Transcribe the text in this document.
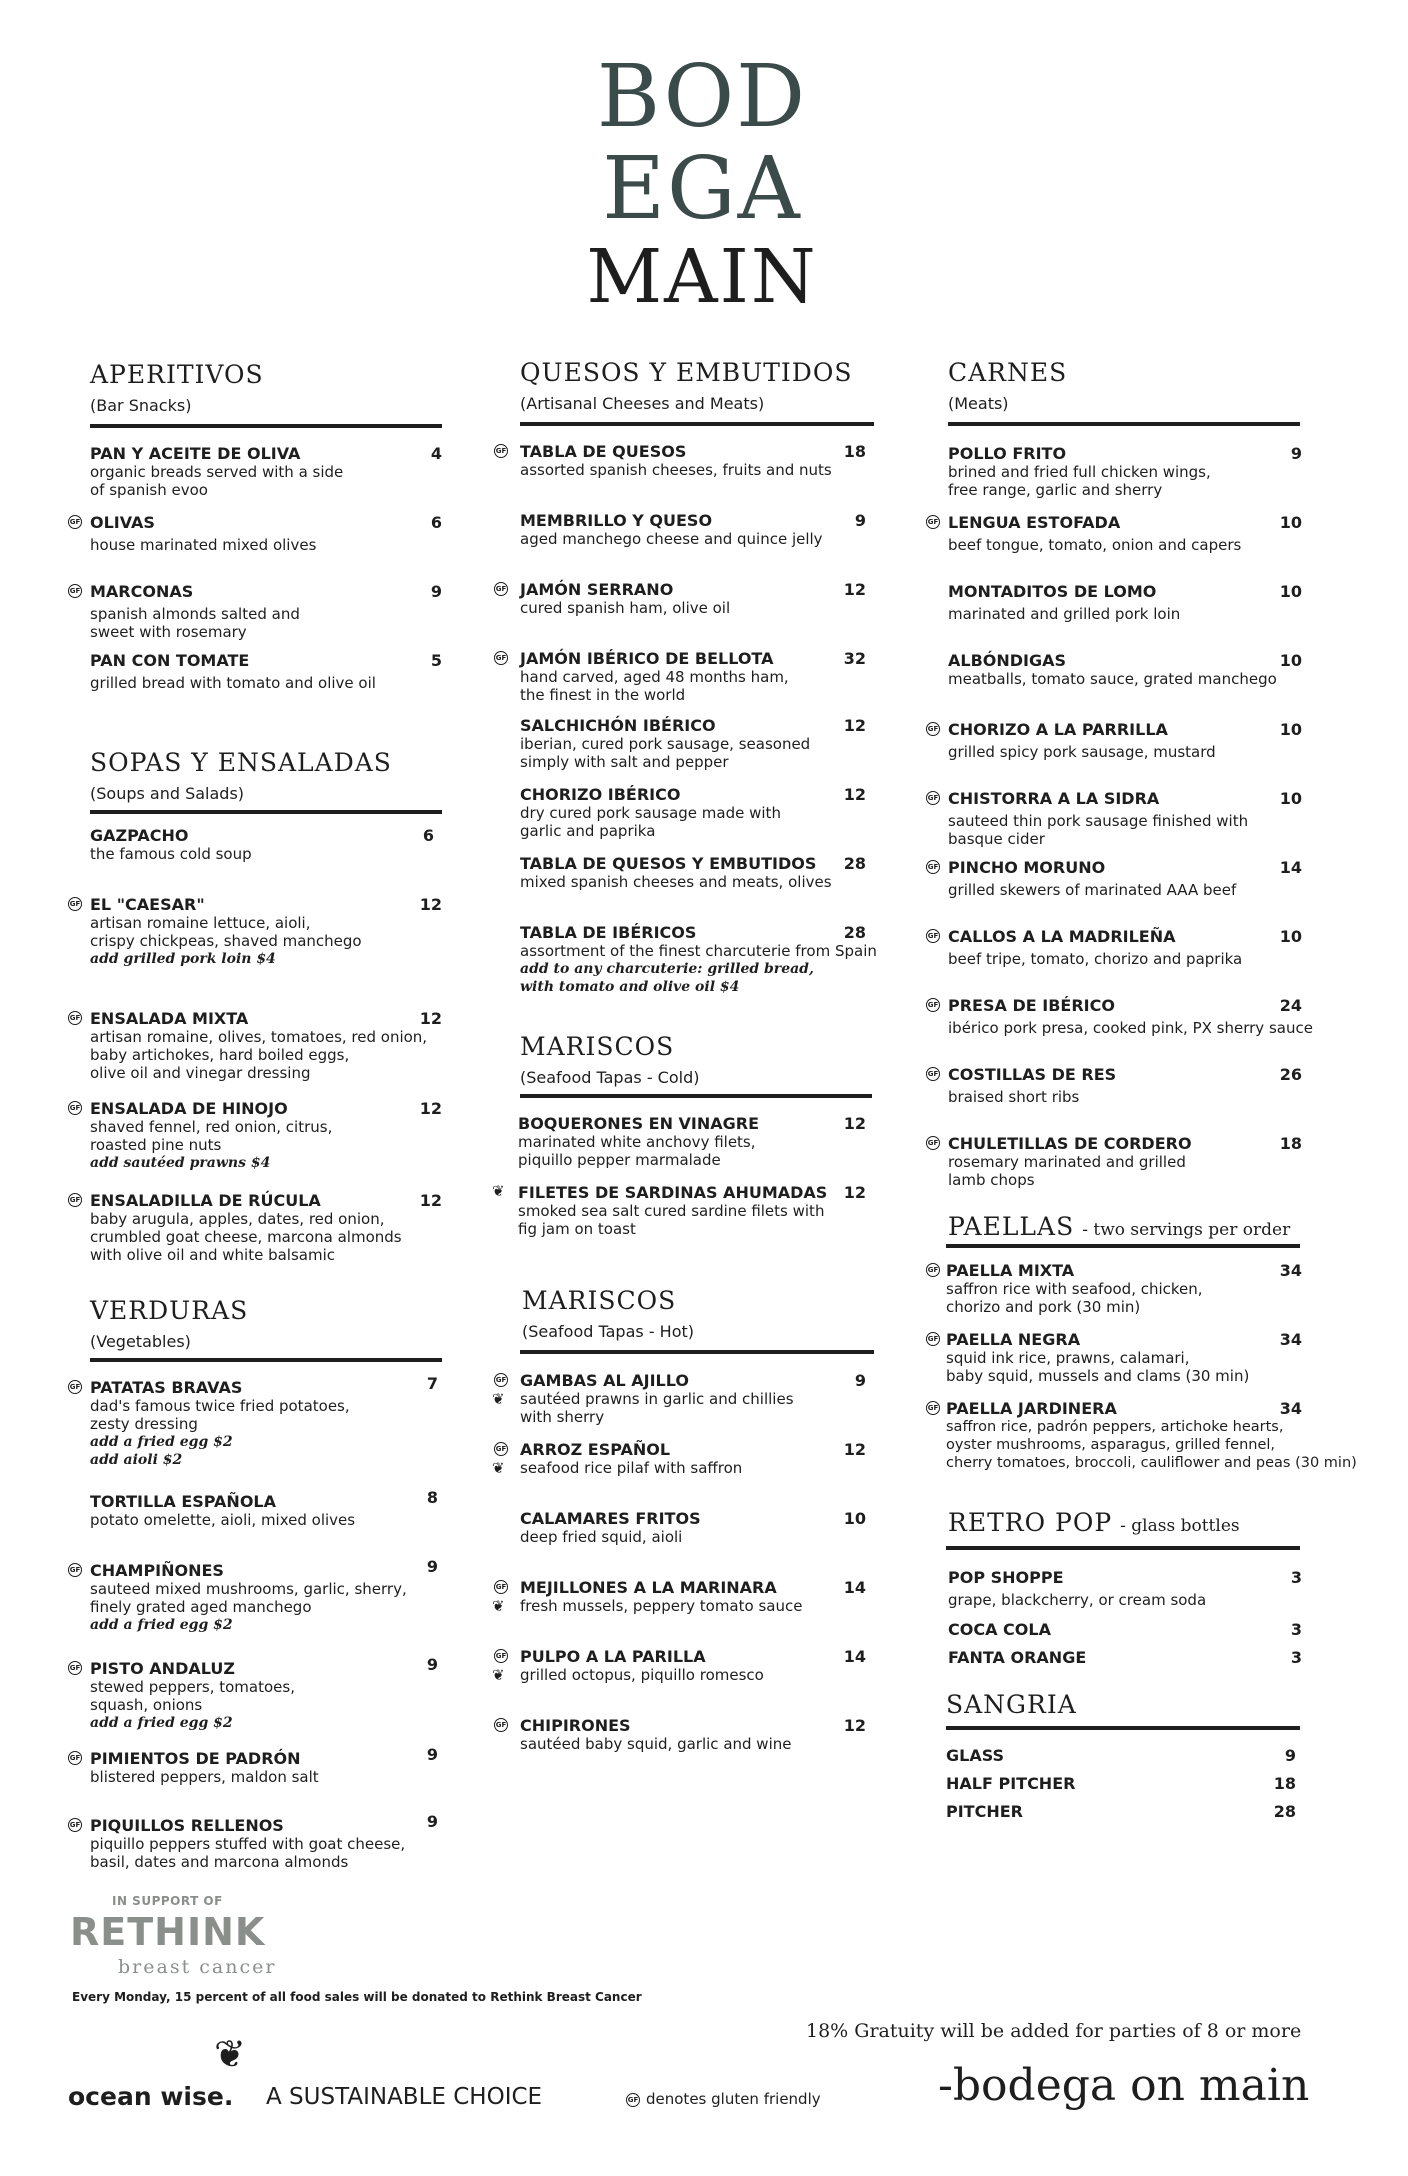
BOD
EGA
MAIN
APERITIVOS
(Bar Snacks)
PAN Y ACEITE DE OLIVA
organic breads served with a side
of spanish evoo
4
GF OLIVAS
house marinated mixed olives
6
GF MARCONAS
spanish almonds salted and
sweet with rosemary
9
PAN CON TOMATE
grilled bread with tomato and olive oil
5
SOPAS Y ENSALADAS
(Soups and Salads)
GAZPACHO
the famous cold soup
6
GF EL "CAESAR"
artisan romaine lettuce, aioli,
crispy chickpeas, shaved manchego
add grilled pork loin $4
12
GF ENSALADA MIXTA
artisan romaine, olives, tomatoes, red onion,
baby artichokes, hard boiled eggs,
olive oil and vinegar dressing
12
GF ENSALADA DE HINOJO
shaved fennel, red onion, citrus,
roasted pine nuts
add sautéed prawns $4
12
GF ENSALADILLA DE RÚCULA
baby arugula, apples, dates, red onion,
crumbled goat cheese, marcona almonds
with olive oil and white balsamic
12
VERDURAS
(Vegetables)
GF PATATAS BRAVAS
dad's famous twice fried potatoes,
zesty dressing
add a fried egg $2
add aioli $2
7
TORTILLA ESPAÑOLA
potato omelette, aioli, mixed olives
8
GF CHAMPIÑONES
sauteed mixed mushrooms, garlic, sherry,
finely grated aged manchego
add a fried egg $2
9
GF PISTO ANDALUZ
stewed peppers, tomatoes,
squash, onions
add a fried egg $2
9
GF PIMIENTOS DE PADRÓN
blistered peppers, maldon salt
9
GF PIQUILLOS RELLENOS
piquillo peppers stuffed with goat cheese,
basil, dates and marcona almonds
9
QUESOS Y EMBUTIDOS
(Artisanal Cheeses and Meats)
GF TABLA DE QUESOS
assorted spanish cheeses, fruits and nuts
18
MEMBRILLO Y QUESO
aged manchego cheese and quince jelly
9
GF JAMÓN SERRANO
cured spanish ham, olive oil
12
GF JAMÓN IBÉRICO DE BELLOTA
hand carved, aged 48 months ham,
the finest in the world
32
SALCHICHÓN IBÉRICO
iberian, cured pork sausage, seasoned
simply with salt and pepper
12
CHORIZO IBÉRICO
dry cured pork sausage made with
garlic and paprika
12
TABLA DE QUESOS Y EMBUTIDOS
mixed spanish cheeses and meats, olives
28
TABLA DE IBÉRICOS
assortment of the finest charcuterie from Spain
add to any charcuterie: grilled bread,
with tomato and olive oil $4
28
MARISCOS
(Seafood Tapas - Cold)
BOQUERONES EN VINAGRE
marinated white anchovy filets,
piquillo pepper marmalade
12
❦ FILETES DE SARDINAS AHUMADAS
smoked sea salt cured sardine filets with
fig jam on toast
12
MARISCOS
(Seafood Tapas - Hot)
GF
❦
GAMBAS AL AJILLO
sautéed prawns in garlic and chillies
with sherry
9
GF
❦
ARROZ ESPAÑOL
seafood rice pilaf with saffron
12
CALAMARES FRITOS
deep fried squid, aioli
10
GF
❦
MEJILLONES A LA MARINARA
fresh mussels, peppery tomato sauce
14
GF
❦
PULPO A LA PARILLA
grilled octopus, piquillo romesco
14
GF CHIPIRONES
sautéed baby squid, garlic and wine
12
CARNES
(Meats)
POLLO FRITO
brined and fried full chicken wings,
free range, garlic and sherry
9
GF LENGUA ESTOFADA
beef tongue, tomato, onion and capers
10
MONTADITOS DE LOMO
marinated and grilled pork loin
10
ALBÓNDIGAS
meatballs, tomato sauce, grated manchego
10
GF CHORIZO A LA PARRILLA
grilled spicy pork sausage, mustard
10
GF CHISTORRA A LA SIDRA
sauteed thin pork sausage finished with
basque cider
10
GF PINCHO MORUNO
grilled skewers of marinated AAA beef
14
GF CALLOS A LA MADRILEÑA
beef tripe, tomato, chorizo and paprika
10
GF PRESA DE IBÉRICO
ibérico pork presa, cooked pink, PX sherry sauce
24
GF COSTILLAS DE RES
braised short ribs
26
GF CHULETILLAS DE CORDERO
rosemary marinated and grilled
lamb chops
18
PAELLAS - two servings per order
GF PAELLA MIXTA
saffron rice with seafood, chicken,
chorizo and pork (30 min)
34
GF PAELLA NEGRA
squid ink rice, prawns, calamari,
baby squid, mussels and clams (30 min)
34
GF PAELLA JARDINERA
saffron rice, padrón peppers, artichoke hearts,
oyster mushrooms, asparagus, grilled fennel,
cherry tomatoes, broccoli, cauliflower and peas (30 min)
34
RETRO POP - glass bottles
POP SHOPPE
grape, blackcherry, or cream soda
3
COCA COLA	3
FANTA ORANGE	3
SANGRIA
GLASS	9
HALF PITCHER	18
PITCHER	28
IN SUPPORT OF
RETHINK
breast cancer
Every Monday, 15 percent of all food sales will be donated to Rethink Breast Cancer
18% Gratuity will be added for parties of 8 or more
❦
ocean wise. A SUSTAINABLE CHOICE	GF denotes gluten friendly	-bodega on main
